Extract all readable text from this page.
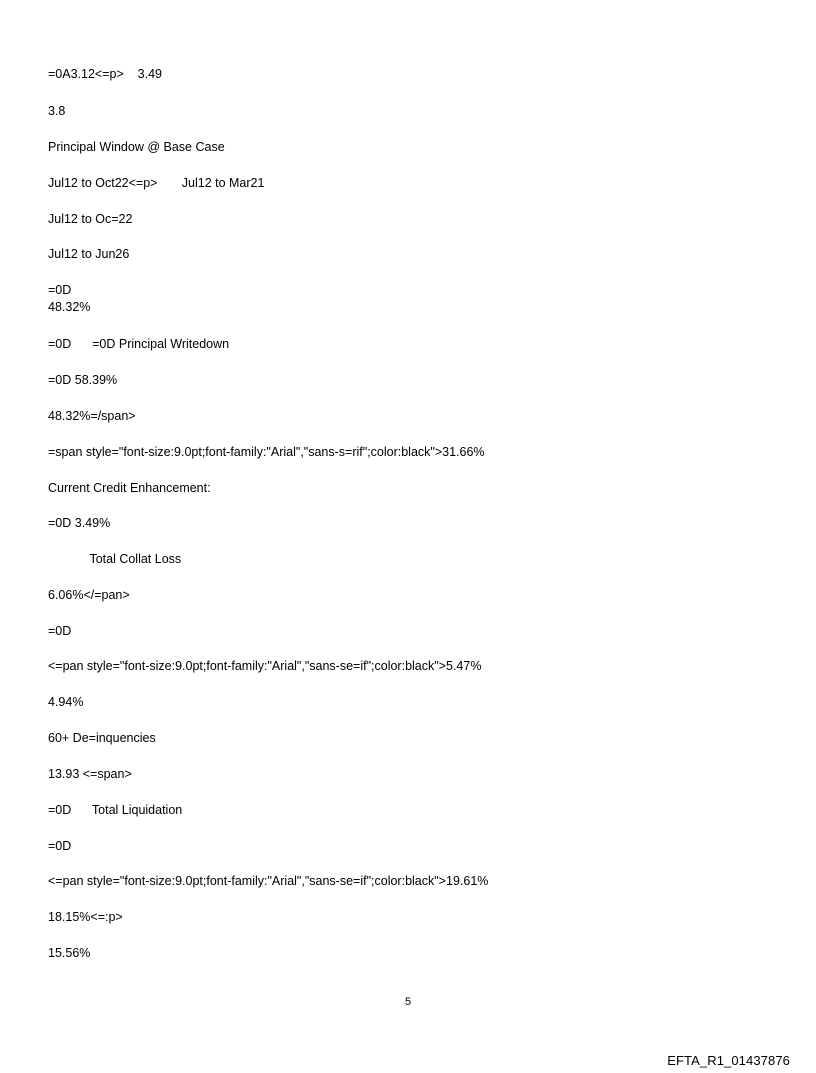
=0A3.12<=p>    3.49
3.8
Principal Window @ Base Case
Jul12 to Oct22<=p>       Jul12 to Mar21
Jul12 to Oc=22
Jul12 to Jun26
=0D
48.32%
=0D      =0D Principal Writedown
=0D 58.39%
48.32%=/span>
=span style="font-size:9.0pt;font-family:"Arial","sans-s=rif";color:black">31.66%
Current Credit Enhancement:
=0D 3.49%
Total Collat Loss
6.06%</=pan>
=0D
<=pan style="font-size:9.0pt;font-family:"Arial","sans-se=if";color:black">5.47%
4.94%
60+ De=inquencies
13.93 <=span>
=0D      Total Liquidation
=0D
<=pan style="font-size:9.0pt;font-family:"Arial","sans-se=if";color:black">19.61%
18.15%<=:p>
15.56%
5
EFTA_R1_01437876
